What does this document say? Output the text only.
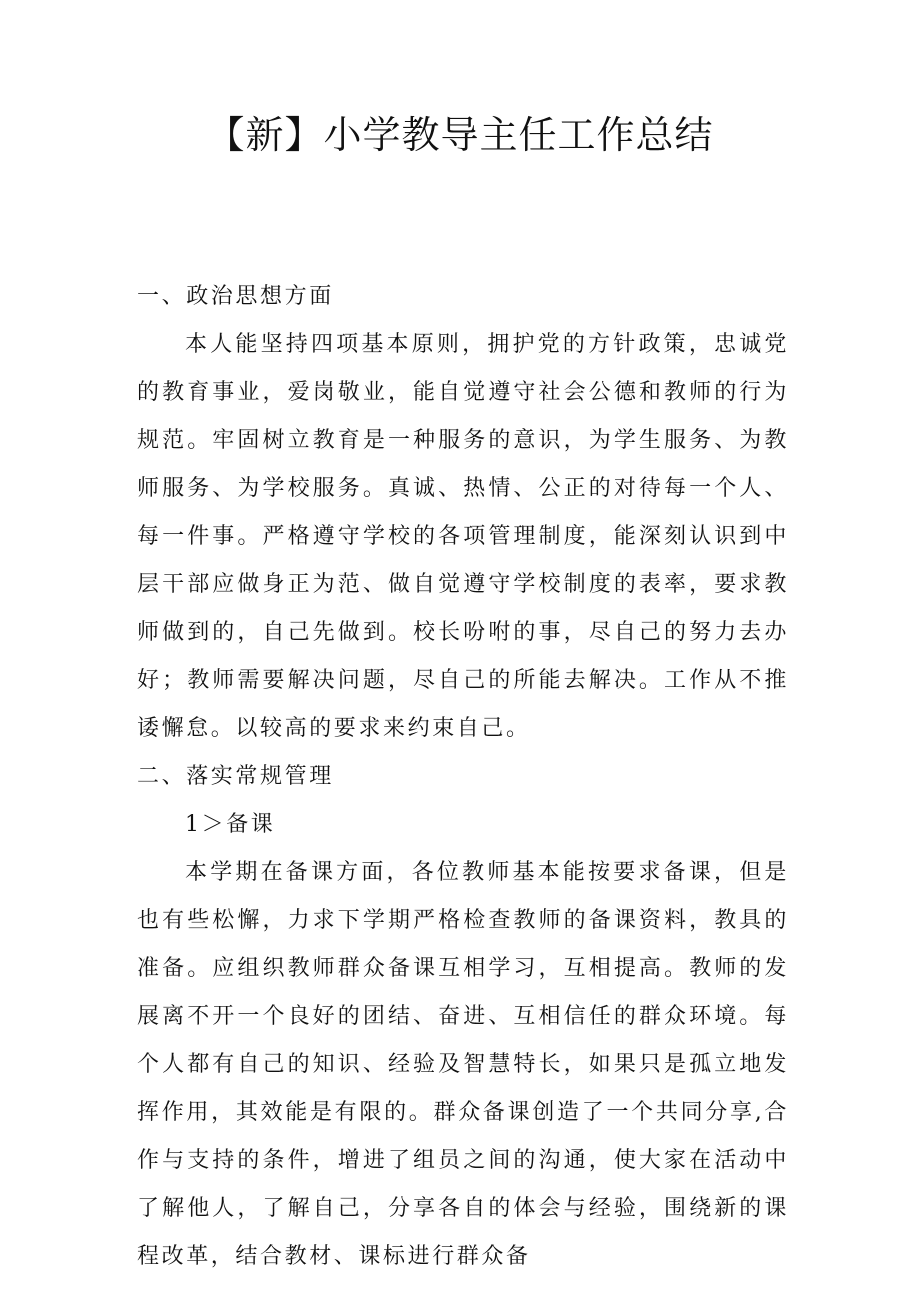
【新】小学教导主任工作总结

一、政治思想方面

本人能坚持四项基本原则，拥护党的方针政策，忠诚党的教育事业，爱岗敬业，能自觉遵守社会公德和教师的行为规范。牢固树立教育是一种服务的意识，为学生服务、为教师服务、为学校服务。真诚、热情、公正的对待每一个人、每一件事。严格遵守学校的各项管理制度，能深刻认识到中层干部应做身正为范、做自觉遵守学校制度的表率，要求教师做到的，自己先做到。校长吩咐的事，尽自己的努力去办好；教师需要解决问题，尽自己的所能去解决。工作从不推诿懈怠。以较高的要求来约束自己。

二、落实常规管理

1＞备课

本学期在备课方面，各位教师基本能按要求备课，但是也有些松懈，力求下学期严格检查教师的备课资料，教具的准备。应组织教师群众备课互相学习，互相提高。教师的发展离不开一个良好的团结、奋进、互相信任的群众环境。每个人都有自己的知识、经验及智慧特长，如果只是孤立地发挥作用，其效能是有限的。群众备课创造了一个共同分享,合作与支持的条件，增进了组员之间的沟通，使大家在活动中了解他人，了解自己，分享各自的体会与经验，围绕新的课程改革，结合教材、课标进行群众备
